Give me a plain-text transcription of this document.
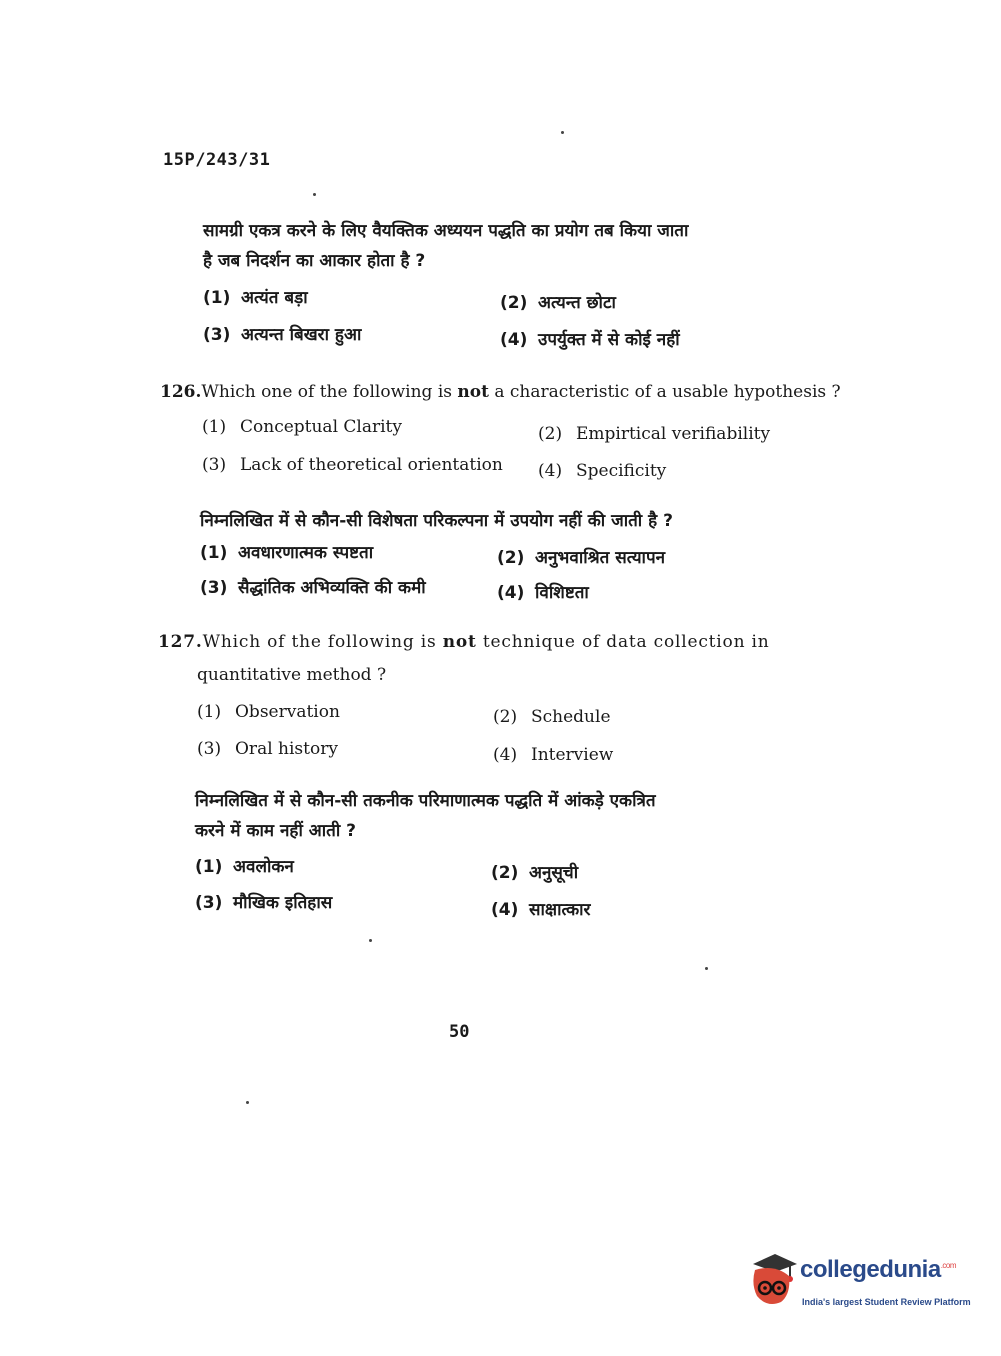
15P/243/31
सामग्री एकत्र करने के लिए वैयक्तिक अध्ययन पद्धति का प्रयोग तब किया जाता
है जब निदर्शन का आकार होता है ?
(1) अत्यंत बड़ा	(2) अत्यन्त छोटा
(3) अत्यन्त बिखरा हुआ	(4) उपर्युक्त में से कोई नहीं
126.Which one of the following is not a characteristic of a usable hypothesis ?
(1) Conceptual Clarity	(2) Empirtical verifiability
(3) Lack of theoretical orientation (4) Specificity
निम्नलिखित में से कौन-सी विशेषता परिकल्पना में उपयोग नहीं की जाती है ?
(1) अवधारणात्मक स्पष्टता	(2) अनुभवाश्रित सत्यापन
(3) सैद्धांतिक अभिव्यक्ति की कमी	(4) विशिष्टता
127.Which of the following is not technique of data collection in
quantitative method ?
(1) Observation	(2) Schedule
(3) Oral history	(4) Interview
निम्नलिखित में से कौन-सी तकनीक परिमाणात्मक पद्धति में आंकड़े एकत्रित
करने में काम नहीं आती ?
(1) अवलोकन	(2) अनुसूची
(3) मौखिक इतिहास	(4) साक्षात्कार
50
collegedunia$^{.com}$
India's largest Student Review Platform
